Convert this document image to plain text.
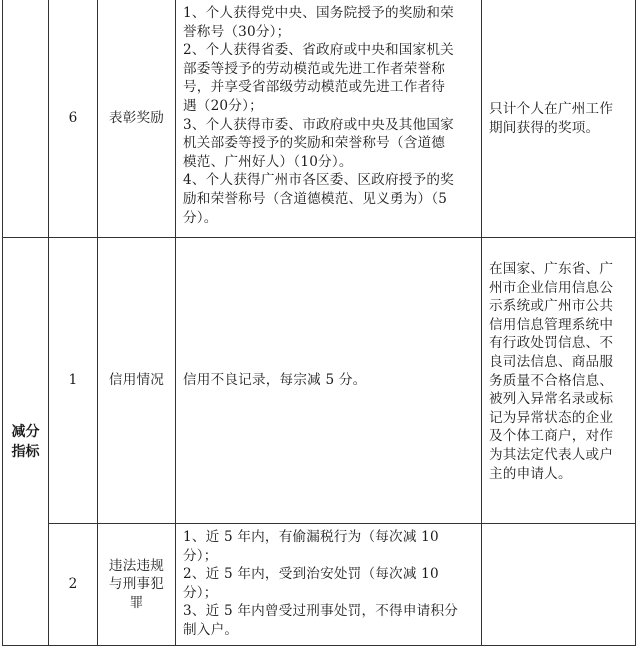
6 表彰奖励
1、个人获得党中央、国务院授予的奖励和荣
誉称号（30分）；
2、个人获得省委、省政府或中央和国家机关
部委等授予的劳动模范或先进工作者荣誉称
号，并享受省部级劳动模范或先进工作者待
遇（20分）；
3、个人获得市委、市政府或中央及其他国家
机关部委等授予的奖励和荣誉称号（含道德
模范、广州好人）（10分）。
4、个人获得广州市各区委、区政府授予的奖
励和荣誉称号（含道德模范、见义勇为）（5
分）。
只计个人在广州工作
期间获得的奖项。
减分
指标
1 信用情况 信用不良记录，每宗减 5 分。
在国家、广东省、广
州市企业信用信息公
示系统或广州市公共
信用信息管理系统中
有行政处罚信息、不
良司法信息、商品服
务质量不合格信息、
被列入异常名录或标
记为异常状态的企业
及个体工商户，对作
为其法定代表人或户
主的申请人。
2
违法违规
与刑事犯
罪
1、近 5 年内，有偷漏税行为（每次减 10
分）；
2、近 5 年内，受到治安处罚（每次减 10
分）；
3、近 5 年内曾受过刑事处罚，不得申请积分
制入户。
